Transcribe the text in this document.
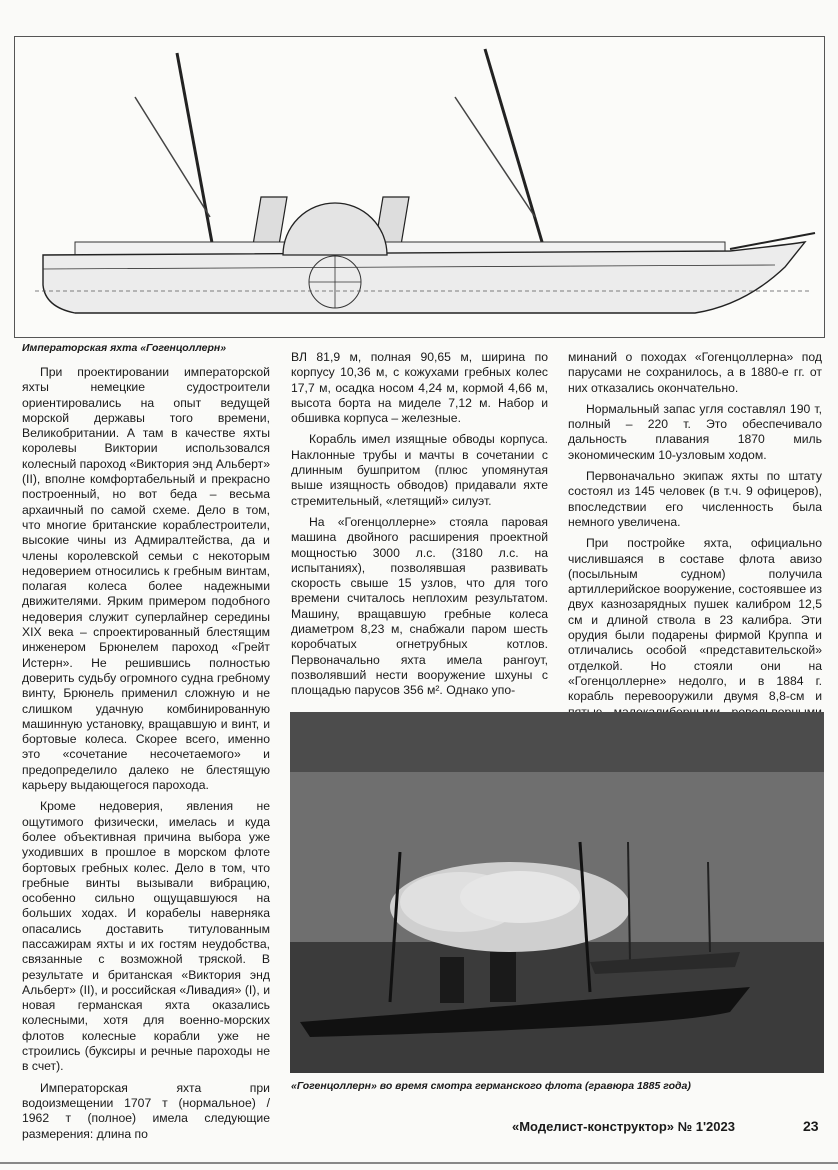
Императорская яхта «Гогенцоллерн»

При проектировании императорской яхты немецкие судостроители ориентировались на опыт ведущей морской державы того времени, Великобритании. А там в качестве яхты королевы Виктории использовался колесный пароход «Виктория энд Альберт» (II), вполне комфортабельный и прекрасно построенный, но вот беда – весьма архаичный по самой схеме. Дело в том, что многие британские кораблестроители, высокие чины из Адмиралтейства, да и члены королевской семьи с некоторым недоверием относились к гребным винтам, полагая колеса более надежными движителями. Ярким примером подобного недоверия служит суперлайнер середины XIX века – спроектированный блестящим инженером Брюнелем пароход «Грейт Истерн». Не решившись полностью доверить судьбу огромного судна гребному винту, Брюнель применил сложную и не слишком удачную комбинированную машинную установку, вращавшую и винт, и бортовые колеса. Скорее всего, именно это «сочетание несочетаемого» и предопределило далеко не блестящую карьеру выдающегося парохода.

Кроме недоверия, явления не ощутимого физически, имелась и куда более объективная причина выбора уже уходивших в прошлое в морском флоте бортовых гребных колес. Дело в том, что гребные винты вызывали вибрацию, особенно сильно ощущавшуюся на больших ходах. И корабелы наверняка опасались доставить титулованным пассажирам яхты и их гостям неудобства, связанные с возможной тряской. В результате и британская «Виктория энд Альберт» (II), и российская «Ливадия» (I), и новая германская яхта оказались колесными, хотя для военно-морских флотов колесные корабли уже не строились (буксиры и речные пароходы не в счет).

Императорская яхта при водоизмещении 1707 т (нормальное) / 1962 т (полное) имела следующие размерения: длина по

ВЛ 81,9 м, полная 90,65 м, ширина по корпусу 10,36 м, с кожухами гребных колес 17,7 м, осадка носом 4,24 м, кормой 4,66 м, высота борта на миделе 7,12 м. Набор и обшивка корпуса – железные.

Корабль имел изящные обводы корпуса. Наклонные трубы и мачты в сочетании с длинным бушпритом (плюс упомянутая выше изящность обводов) придавали яхте стремительный, «летящий» силуэт.

На «Гогенцоллерне» стояла паровая машина двойного расширения проектной мощностью 3000 л.с. (3180 л.с. на испытаниях), позволявшая развивать скорость свыше 15 узлов, что для того времени считалось неплохим результатом. Машину, вращавшую гребные колеса диаметром 8,23 м, снабжали паром шесть коробчатых огнетрубных котлов. Первоначально яхта имела рангоут, позволявший нести вооружение шхуны с площадью парусов 356 м². Однако упо-

минаний о походах «Гогенцоллерна» под парусами не сохранилось, а в 1880-е гг. от них отказались окончательно.

Нормальный запас угля составлял 190 т, полный – 220 т. Это обеспечивало дальность плавания 1870 миль экономическим 10-узловым ходом.

Первоначально экипаж яхты по штату состоял из 145 человек (в т.ч. 9 офицеров), впоследствии его численность была немного увеличена.

При постройке яхта, официально числившаяся в составе флота авизо (посыльным судном) получила артиллерийское вооружение, состоявшее из двух казнозарядных пушек калибром 12,5 см и длиной ствола в 23 калибра. Эти орудия были подарены фирмой Круппа и отличались особой «представительской» отделкой. Но стояли они на «Гогенцоллерне» недолго, и в 1884 г. корабль перевооружили двумя 8,8-см и

«Гогенцоллерн» во время смотра германского флота (гравюра 1885 года)
«Моделист-конструктор» № 1'2023	23
